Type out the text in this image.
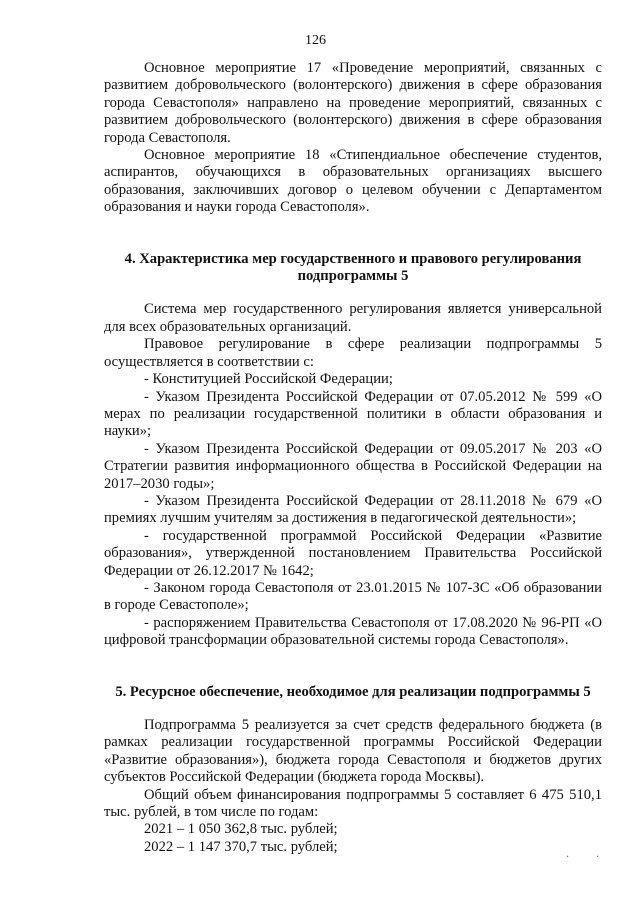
126

Основное мероприятие 17 «Проведение мероприятий, связанных с развитием добровольческого (волонтерского) движения в сфере образования города Севастополя» направлено на проведение мероприятий, связанных с развитием добровольческого (волонтерского) движения в сфере образования города Севастополя.

Основное мероприятие 18 «Стипендиальное обеспечение студентов, аспирантов, обучающихся в образовательных организациях высшего образования, заключивших договор о целевом обучении с Департаментом образования и науки города Севастополя».

4. Характеристика мер государственного и правового регулирования
подпрограммы 5

Система мер государственного регулирования является универсальной для всех образовательных организаций.

Правовое регулирование в сфере реализации подпрограммы 5 осуществляется в соответствии с:

- Конституцией Российской Федерации;

- Указом Президента Российской Федерации от 07.05.2012 № 599 «О мерах по реализации государственной политики в области образования и науки»;

- Указом Президента Российской Федерации от 09.05.2017 № 203 «О Стратегии развития информационного общества в Российской Федерации на 2017–2030 годы»;

- Указом Президента Российской Федерации от 28.11.2018 № 679 «О премиях лучшим учителям за достижения в педагогической деятельности»;

- государственной программой Российской Федерации «Развитие образования», утвержденной постановлением Правительства Российской Федерации от 26.12.2017 № 1642;

- Законом города Севастополя от 23.01.2015 № 107-ЗС «Об образовании в городе Севастополе»;

- распоряжением Правительства Севастополя от 17.08.2020 № 96-РП «О цифровой трансформации образовательной системы города Севастополя».

5. Ресурсное обеспечение, необходимое для реализации подпрограммы 5

Подпрограмма 5 реализуется за счет средств федерального бюджета (в рамках реализации государственной программы Российской Федерации «Развитие образования»), бюджета города Севастополя и бюджетов других субъектов Российской Федерации (бюджета города Москвы).

Общий объем финансирования подпрограммы 5 составляет 6 475 510,1 тыс. рублей, в том числе по годам:

2021 – 1 050 362,8 тыс. рублей;

2022 – 1 147 370,7 тыс. рублей;	. .
